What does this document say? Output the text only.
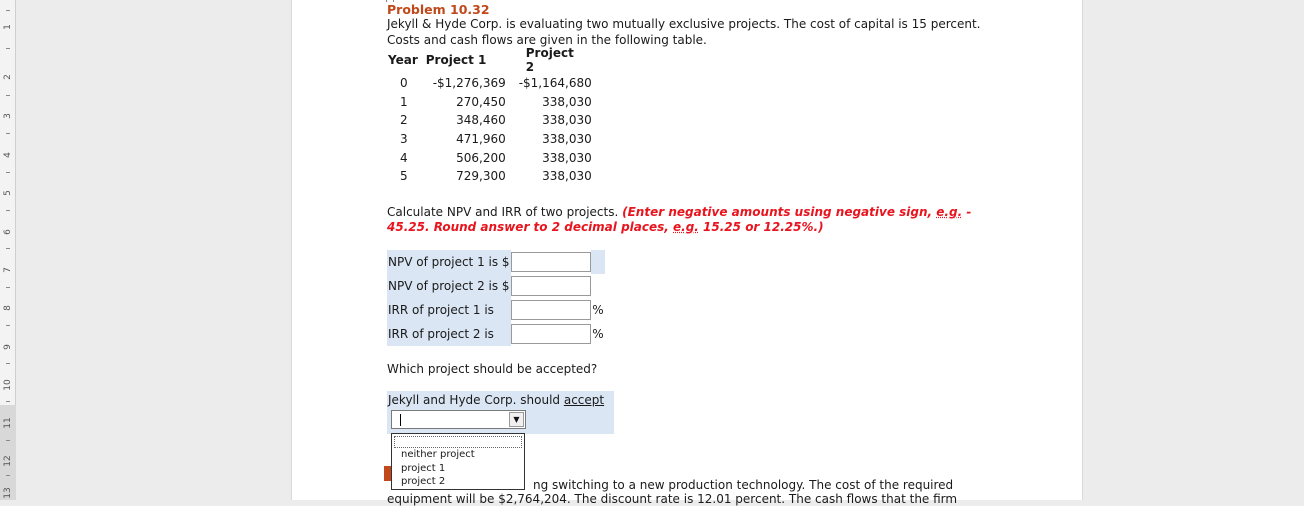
1
2
3
4
5
6
7
8
9
10
11
12
13
Problem 10.32
Jekyll & Hyde Corp. is evaluating two mutually exclusive projects. The cost of capital is 15 percent.
Costs and cash flows are given in the following table.
Year	Project 1	Project 2
0	-$1,276,369	-$1,164,680
1	270,450	338,030
2	348,460	338,030
3	471,960	338,030
4	506,200	338,030
5	729,300	338,030
Calculate NPV and IRR of two projects. (Enter negative amounts using negative sign, e.g. -
45.25. Round answer to 2 decimal places, e.g. 15.25 or 12.25%.)
NPV of project 1 is $
NPV of project 2 is $
IRR of project 1 is	%
IRR of project 2 is	%
Which project should be accepted?
Jekyll and Hyde Corp. should accept
▼
ng switching to a new production technology. The cost of the required
equipment will be $2,764,204. The discount rate is 12.01 percent. The cash flows that the firm
neither project
project 1
project 2
